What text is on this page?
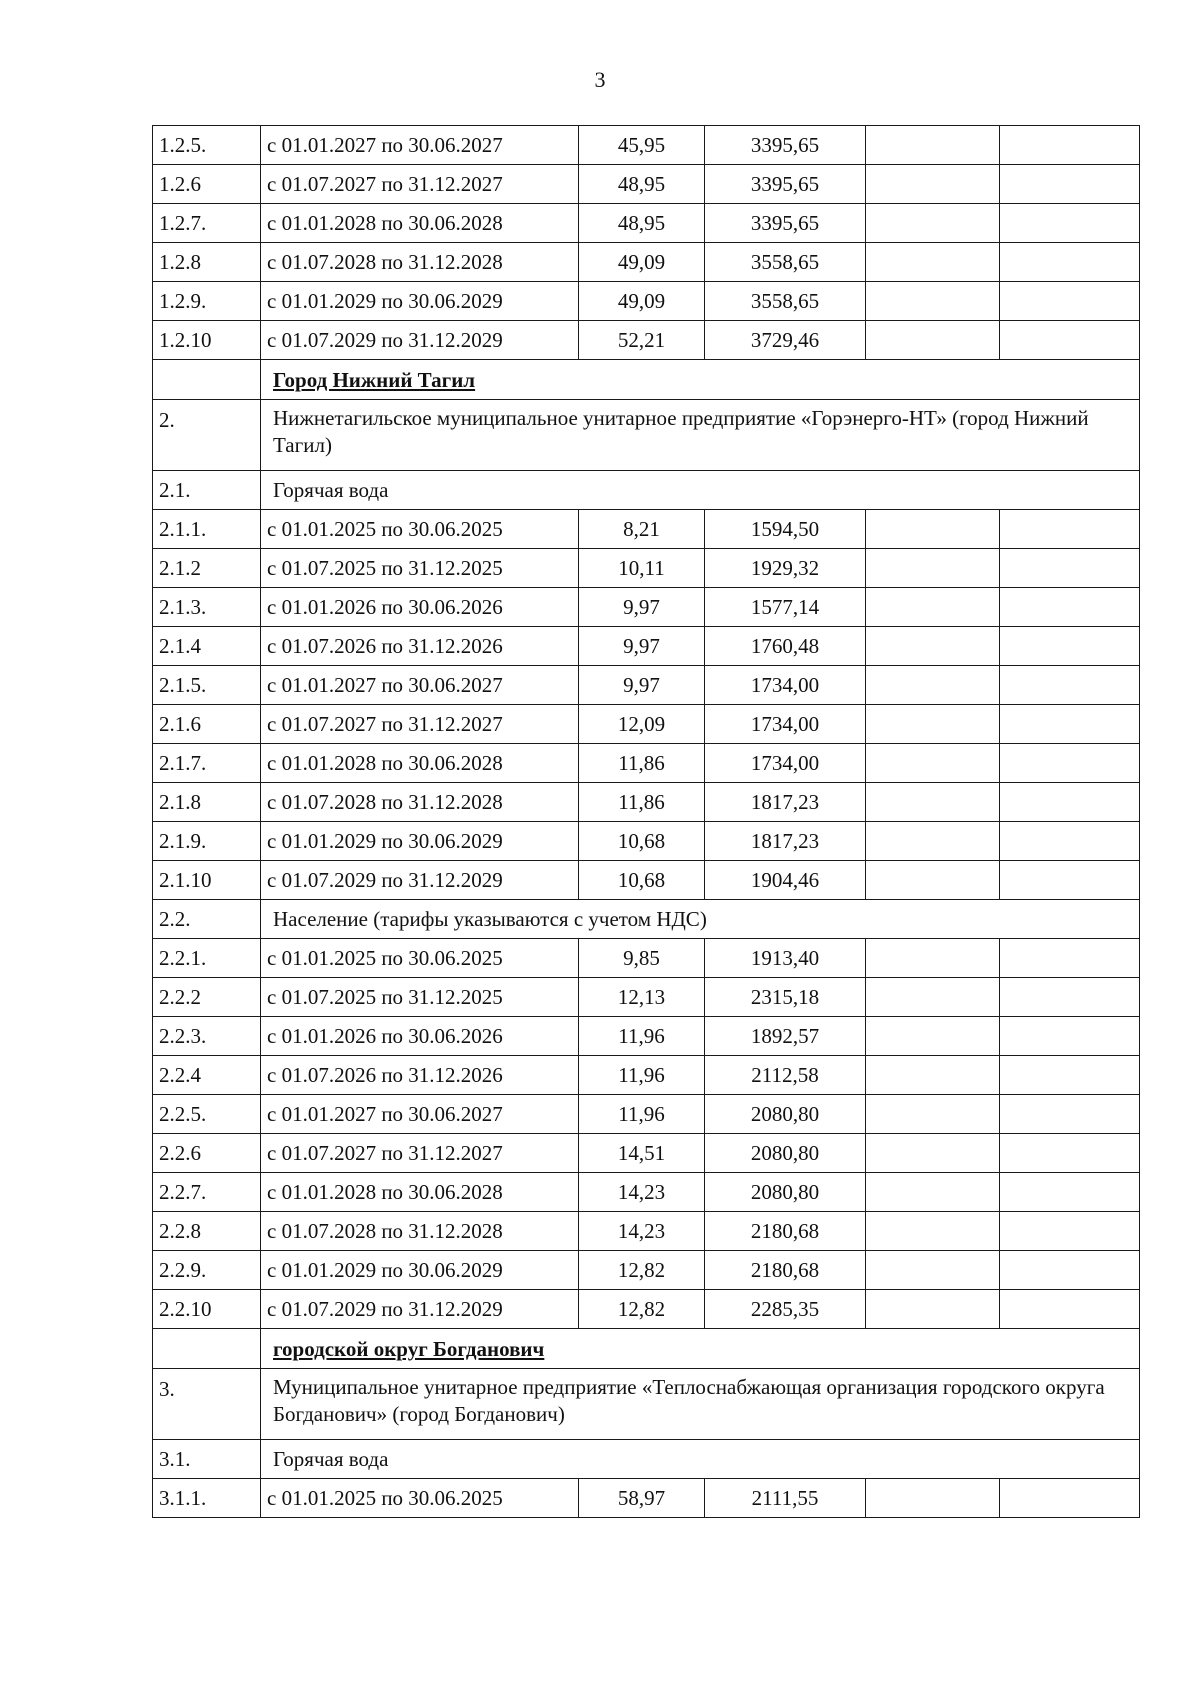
3
1.2.5.	с 01.01.2027 по 30.06.2027	45,95	3395,65		
1.2.6	с 01.07.2027 по 31.12.2027	48,95	3395,65		
1.2.7.	с 01.01.2028 по 30.06.2028	48,95	3395,65		
1.2.8	с 01.07.2028 по 31.12.2028	49,09	3558,65		
1.2.9.	с 01.01.2029 по 30.06.2029	49,09	3558,65		
1.2.10	с 01.07.2029 по 31.12.2029	52,21	3729,46		
	Город Нижний Тагил				
2.	Нижнетагильское муниципальное унитарное предприятие «Горэнерго-НТ» (город Нижний Тагил)				
2.1.	Горячая вода				
2.1.1.	с 01.01.2025 по 30.06.2025	8,21	1594,50		
2.1.2	с 01.07.2025 по 31.12.2025	10,11	1929,32		
2.1.3.	с 01.01.2026 по 30.06.2026	9,97	1577,14		
2.1.4	с 01.07.2026 по 31.12.2026	9,97	1760,48		
2.1.5.	с 01.01.2027 по 30.06.2027	9,97	1734,00		
2.1.6	с 01.07.2027 по 31.12.2027	12,09	1734,00		
2.1.7.	с 01.01.2028 по 30.06.2028	11,86	1734,00		
2.1.8	с 01.07.2028 по 31.12.2028	11,86	1817,23		
2.1.9.	с 01.01.2029 по 30.06.2029	10,68	1817,23		
2.1.10	с 01.07.2029 по 31.12.2029	10,68	1904,46		
2.2.	Население (тарифы указываются с учетом НДС)				
2.2.1.	с 01.01.2025 по 30.06.2025	9,85	1913,40		
2.2.2	с 01.07.2025 по 31.12.2025	12,13	2315,18		
2.2.3.	с 01.01.2026 по 30.06.2026	11,96	1892,57		
2.2.4	с 01.07.2026 по 31.12.2026	11,96	2112,58		
2.2.5.	с 01.01.2027 по 30.06.2027	11,96	2080,80		
2.2.6	с 01.07.2027 по 31.12.2027	14,51	2080,80		
2.2.7.	с 01.01.2028 по 30.06.2028	14,23	2080,80		
2.2.8	с 01.07.2028 по 31.12.2028	14,23	2180,68		
2.2.9.	с 01.01.2029 по 30.06.2029	12,82	2180,68		
2.2.10	с 01.07.2029 по 31.12.2029	12,82	2285,35		
	городской округ Богданович				
3.	Муниципальное унитарное предприятие «Теплоснабжающая организация городского округа Богданович» (город Богданович)				
3.1.	Горячая вода				
3.1.1.	с 01.01.2025 по 30.06.2025	58,97	2111,55		
